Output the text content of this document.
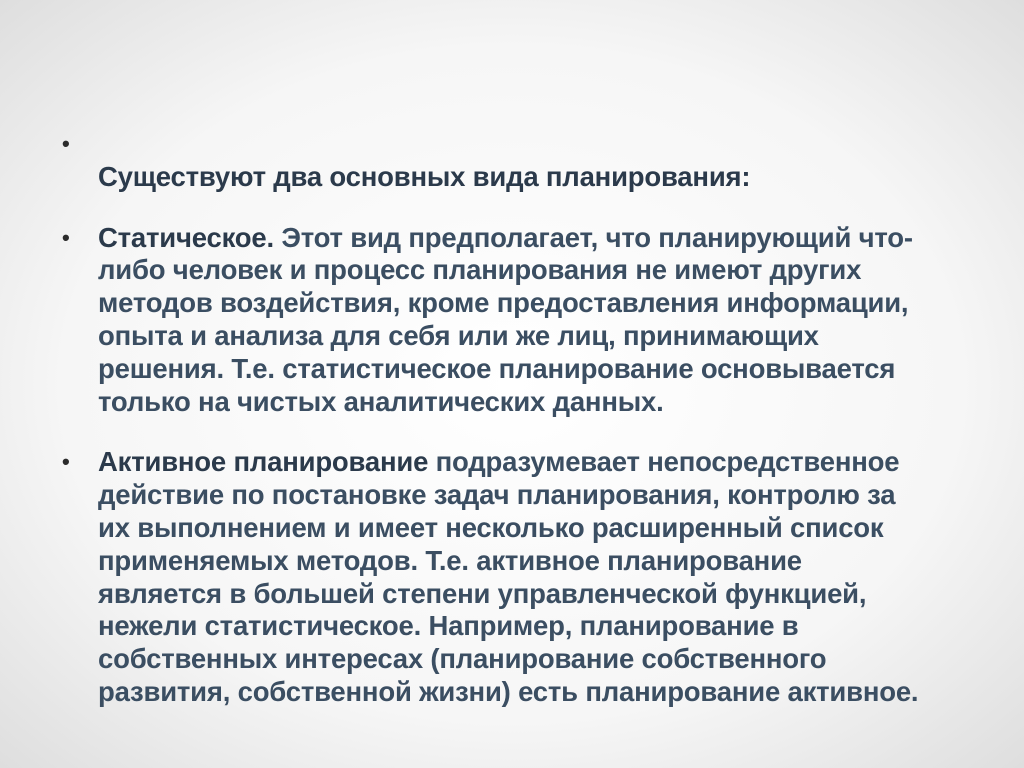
•

Существуют два основных вида планирования:

•	Статическое. Этот вид предполагает, что планирующий что-
либо человек и процесс планирования не имеют других
методов воздействия, кроме предоставления информации,
опыта и анализа для себя или же лиц, принимающих
решения. Т.е. статистическое планирование основывается
только на чистых аналитических данных.
•	Активное планирование подразумевает непосредственное
действие по постановке задач планирования, контролю за
их выполнением и имеет несколько расширенный список
применяемых методов. Т.е. активное планирование
является в большей степени управленческой функцией,
нежели статистическое. Например, планирование в
собственных интересах (планирование собственного
развития, собственной жизни) есть планирование активное.
